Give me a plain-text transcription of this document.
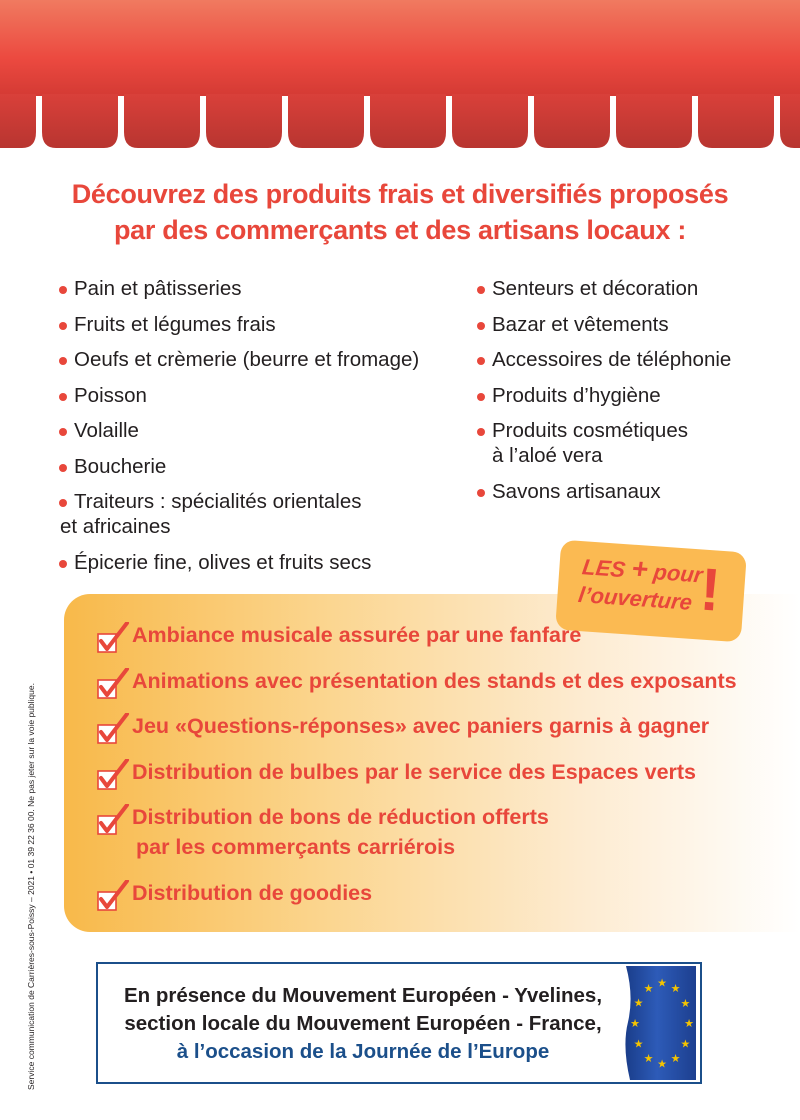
Découvrez des produits frais et diversifiés proposés
par des commerçants et des artisans locaux :
Pain et pâtisseries
Fruits et légumes frais
Oeufs et crèmerie (beurre et fromage)
Poisson
Volaille
Boucherie
Traiteurs : spécialités orientales
et africaines
Épicerie fine, olives et fruits secs
Senteurs et décoration
Bazar et vêtements
Accessoires de téléphonie
Produits d’hygiène
Produits cosmétiques
à l’aloé vera
Savons artisanaux
LES + pour
l’ouverture !
Ambiance musicale assurée par une fanfare
Animations avec présentation des stands et des exposants
Jeu «Questions-réponses» avec paniers garnis à gagner
Distribution de bulbes par le service des Espaces verts
Distribution de bons de réduction offerts
par les commerçants carriérois
Distribution de goodies
En présence du Mouvement Européen - Yvelines,
section locale du Mouvement Européen - France,
à l’occasion de la Journée de l’Europe
★ ★
★
★
★
★
★
★
★
★
★
★
Service communication de Carrières-sous-Poissy – 2021 • 01 39 22 36 00. Ne pas jeter sur la voie publique.
